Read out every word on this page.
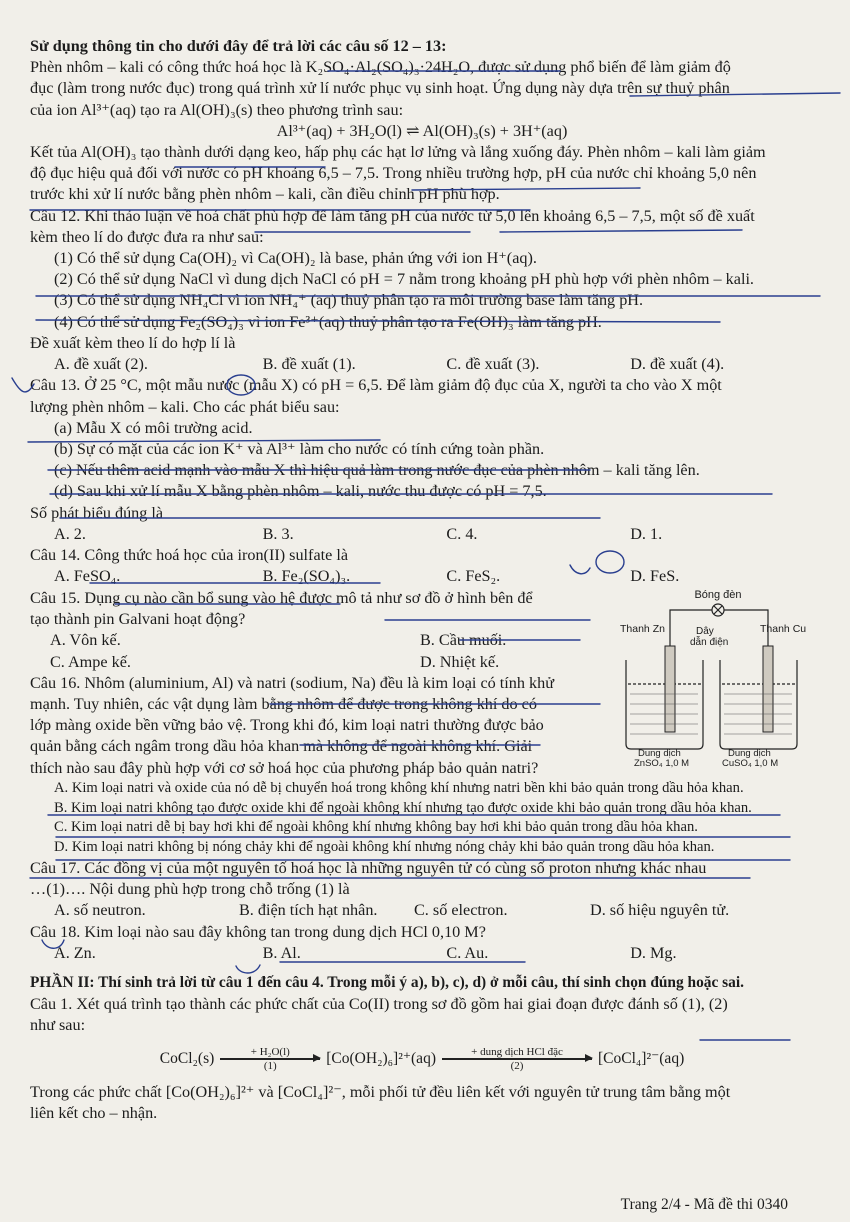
Sử dụng thông tin cho dưới đây để trả lời các câu số 12 – 13:

Phèn nhôm – kali có công thức hoá học là K₂SO₄·Al₂(SO₄)₃·24H₂O, được sử dụng phổ biến để làm giảm độ

đục (làm trong nước đục) trong quá trình xử lí nước phục vụ sinh hoạt. Ứng dụng này dựa trên sự thuỷ phân

của ion Al³⁺(aq) tạo ra Al(OH)₃(s) theo phương trình sau:

Al³⁺(aq) + 3H₂O(l) ⇌ Al(OH)₃(s) + 3H⁺(aq)

Kết tủa Al(OH)₃ tạo thành dưới dạng keo, hấp phụ các hạt lơ lửng và lắng xuống đáy. Phèn nhôm – kali làm giảm

độ đục hiệu quả đối với nước có pH khoảng 6,5 – 7,5. Trong nhiều trường hợp, pH của nước chỉ khoảng 5,0 nên

trước khi xử lí nước bằng phèn nhôm – kali, cần điều chỉnh pH phù hợp.

Câu 12. Khi thảo luận về hoá chất phù hợp để làm tăng pH của nước từ 5,0 lên khoảng 6,5 – 7,5, một số đề xuất

kèm theo lí do được đưa ra như sau:

(1) Có thể sử dụng Ca(OH)₂ vì Ca(OH)₂ là base, phản ứng với ion H⁺(aq).

(2) Có thể sử dụng NaCl vì dung dịch NaCl có pH = 7 nằm trong khoảng pH phù hợp với phèn nhôm – kali.

(3) Có thể sử dụng NH₄Cl vì ion NH₄⁺ (aq) thuỷ phân tạo ra môi trường base làm tăng pH.

(4) Có thể sử dụng Fe₂(SO₄)₃ vì ion Fe³⁺(aq) thuỷ phân tạo ra Fe(OH)₃ làm tăng pH.

Đề xuất kèm theo lí do hợp lí là

A. đề xuất (2).	B. đề xuất (1).	C. đề xuất (3).	D. đề xuất (4).

Câu 13. Ở 25 °C, một mẫu nước (mẫu X) có pH = 6,5. Để làm giảm độ đục của X, người ta cho vào X một

lượng phèn nhôm – kali. Cho các phát biểu sau:

(a) Mẫu X có môi trường acid.

(b) Sự có mặt của các ion K⁺ và Al³⁺ làm cho nước có tính cứng toàn phần.

(c) Nếu thêm acid mạnh vào mẫu X thì hiệu quả làm trong nước đục của phèn nhôm – kali tăng lên.

(d) Sau khi xử lí mẫu X bằng phèn nhôm – kali, nước thu được có pH = 7,5.

Số phát biểu đúng là

A. 2.	B. 3.	C. 4.	D. 1.

Câu 14. Công thức hoá học của iron(II) sulfate là

A. FeSO₄.	B. Fe₂(SO₄)₃.	C. FeS₂.	D. FeS.

Câu 15. Dụng cụ nào cần bổ sung vào hệ được mô tả như sơ đồ ở hình bên để

tạo thành pin Galvani hoạt động?

A. Vôn kế.	B. Cầu muối.
C. Ampe kế.	D. Nhiệt kế.

Câu 16. Nhôm (aluminium, Al) và natri (sodium, Na) đều là kim loại có tính khử

mạnh. Tuy nhiên, các vật dụng làm bằng nhôm để được trong không khí do có

lớp màng oxide bền vững bảo vệ. Trong khi đó, kim loại natri thường được bảo

quản bằng cách ngâm trong dầu hỏa khan mà không để ngoài không khí. Giải

thích nào sau đây phù hợp với cơ sở hoá học của phương pháp bảo quản natri?

Bóng đèn
Thanh Zn	Thanh Cu
Dây
dẫn điện
Dung dịch
ZnSO₄ 1,0 M
Dung dịch
CuSO₄ 1,0 M

A. Kim loại natri và oxide của nó dễ bị chuyển hoá trong không khí nhưng natri bền khi bảo quản trong dầu hỏa khan.

B. Kim loại natri không tạo được oxide khi để ngoài không khí nhưng tạo được oxide khi bảo quản trong dầu hỏa khan.

C. Kim loại natri dễ bị bay hơi khi để ngoài không khí nhưng không bay hơi khi bảo quản trong dầu hỏa khan.

D. Kim loại natri không bị nóng chảy khi để ngoài không khí nhưng nóng chảy khi bảo quản trong dầu hỏa khan.

Câu 17. Các đồng vị của một nguyên tố hoá học là những nguyên tử có cùng số proton nhưng khác nhau

…(1)…. Nội dung phù hợp trong chỗ trống (1) là

A. số neutron.	B. điện tích hạt nhân.	C. số electron.	D. số hiệu nguyên tử.

Câu 18. Kim loại nào sau đây không tan trong dung dịch HCl 0,10 M?

A. Zn.	B. Al.	C. Au.	D. Mg.

PHẦN II: Thí sinh trả lời từ câu 1 đến câu 4. Trong mỗi ý a), b), c), d) ở mỗi câu, thí sinh chọn đúng hoặc sai.

Câu 1. Xét quá trình tạo thành các phức chất của Co(II) trong sơ đồ gồm hai giai đoạn được đánh số (1), (2)

như sau:

CoCl₂(s)	+ H₂O(l)
(1)	[Co(OH₂)₆]²⁺(aq)	+ dung dịch HCl đặc
(2)	[CoCl₄]²⁻(aq)

Trong các phức chất [Co(OH₂)₆]²⁺ và [CoCl₄]²⁻, mỗi phối tử đều liên kết với nguyên tử trung tâm bằng một

liên kết cho – nhận.

Trang 2/4 - Mã đề thi 0340
